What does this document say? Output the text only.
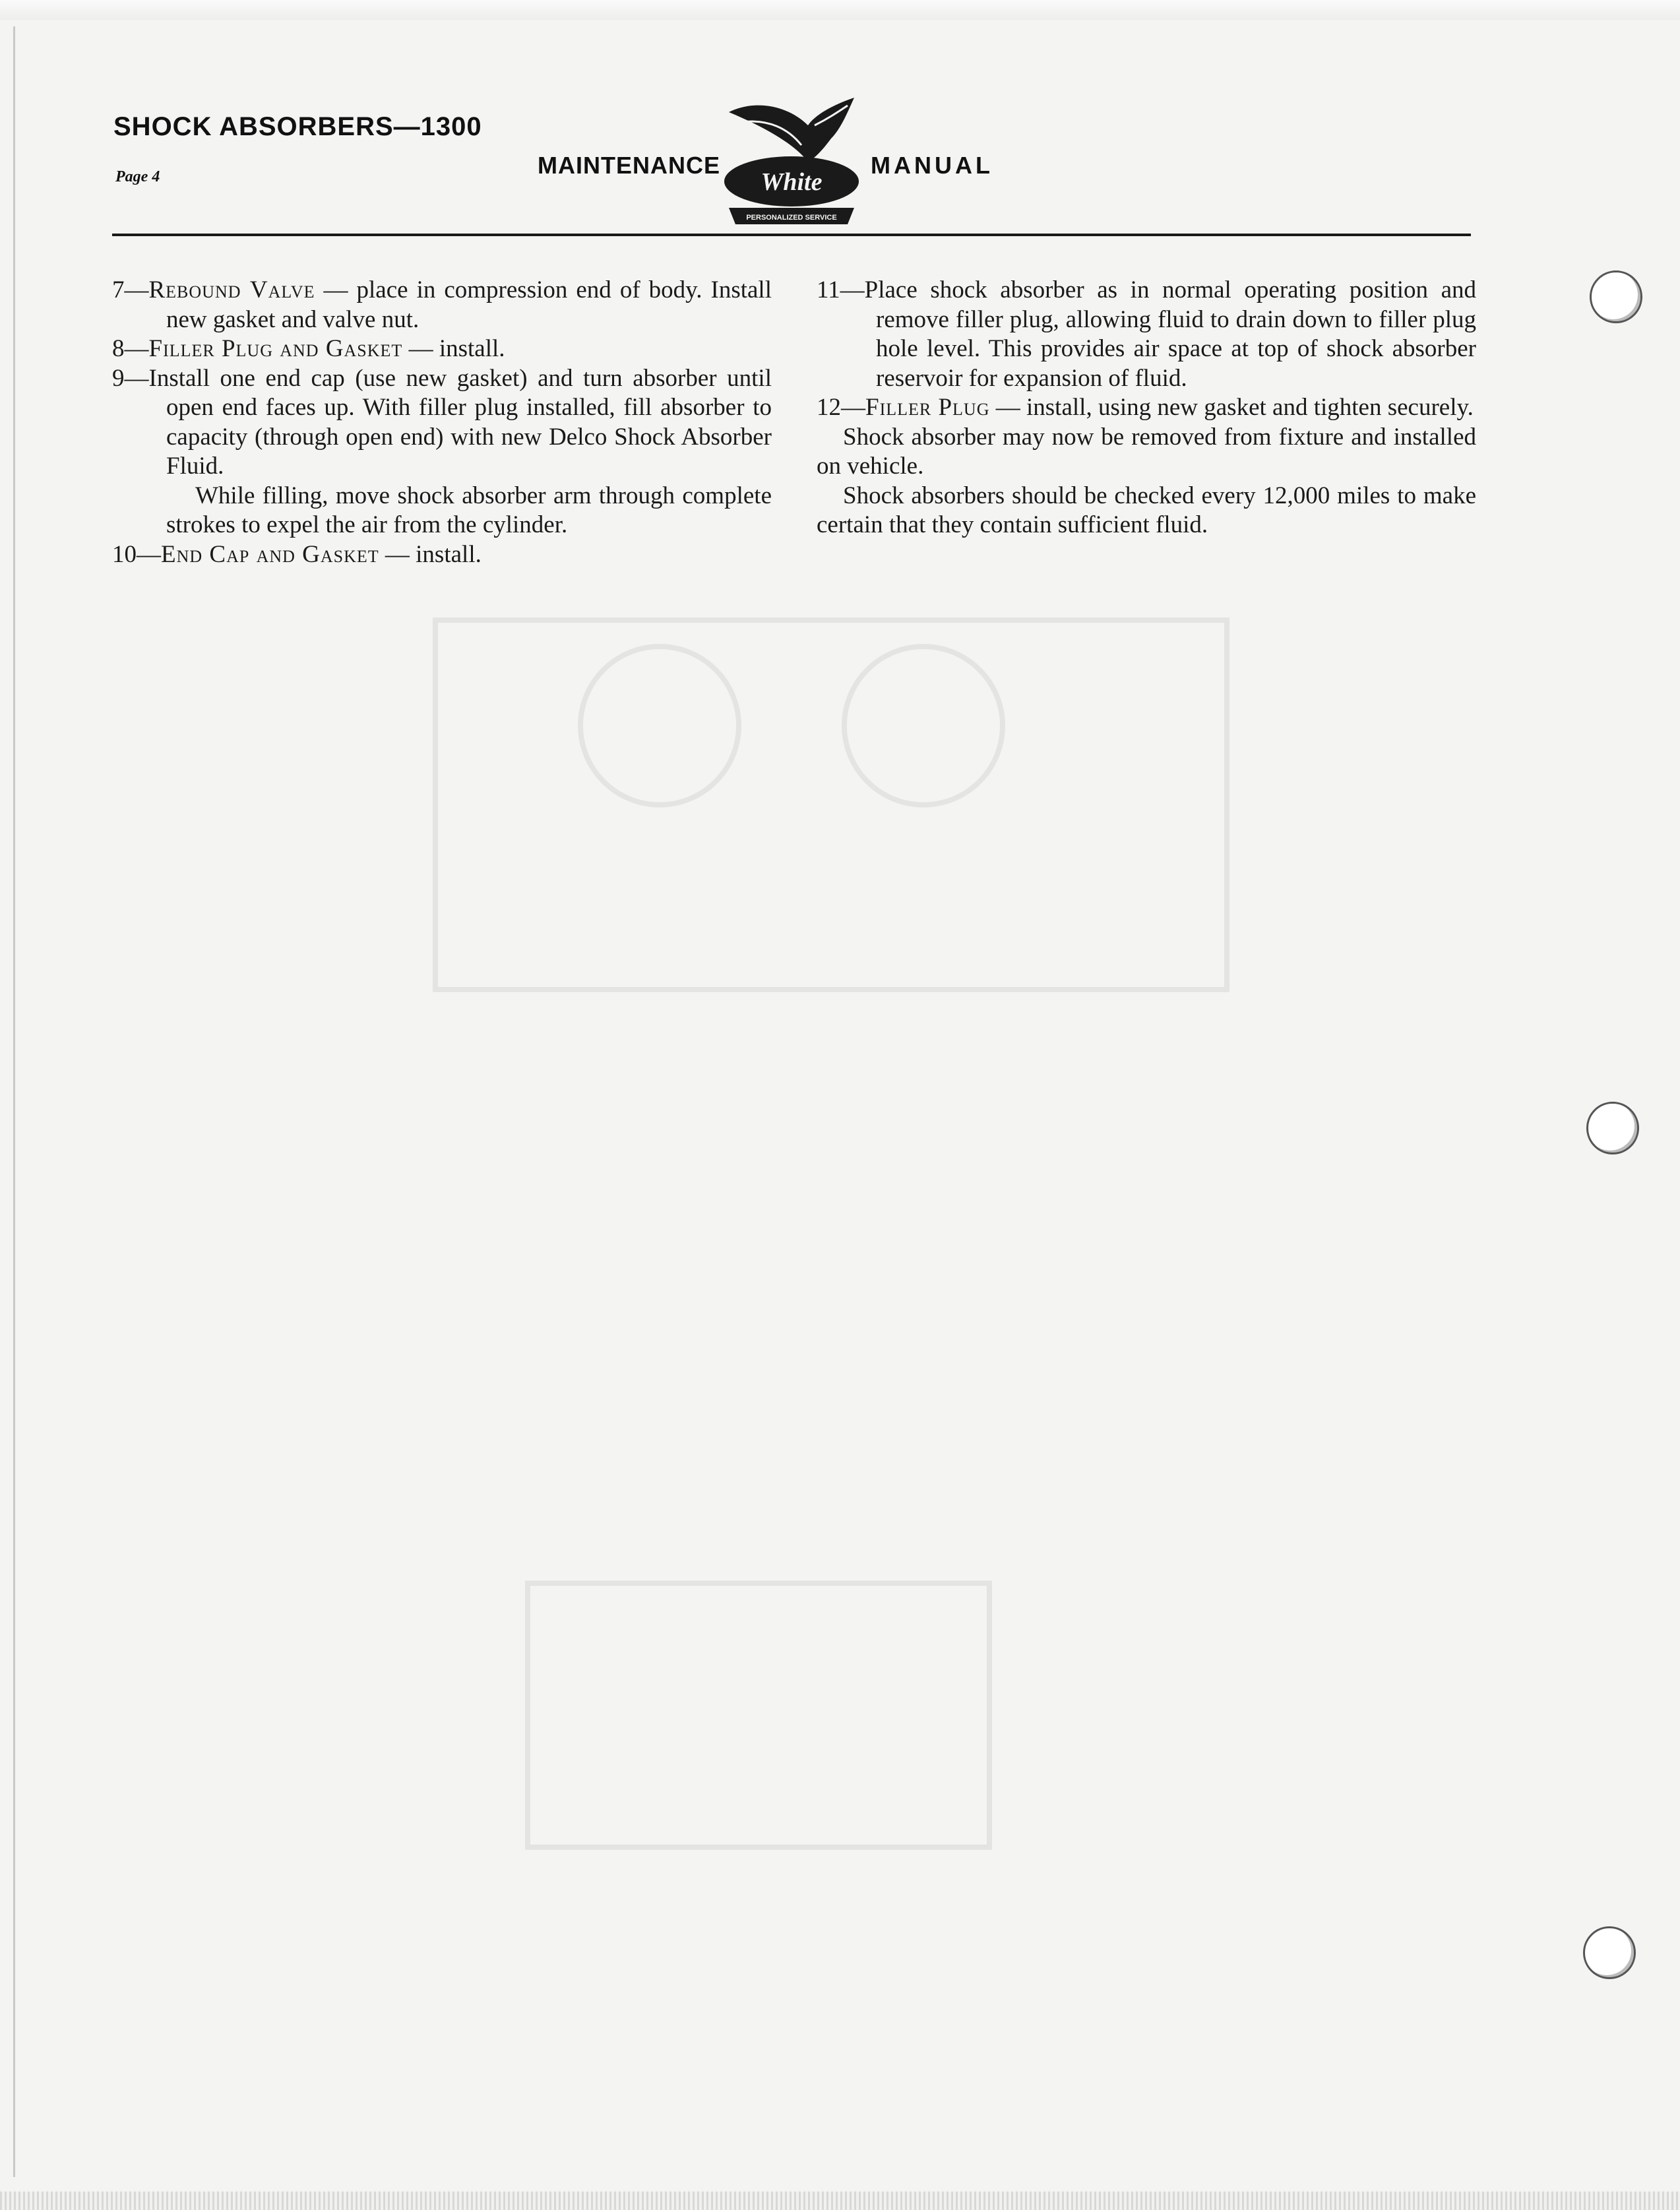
SHOCK ABSORBERS—1300
Page 4	MAINTENANCE	MANUAL
White
PERSONALIZED SERVICE

7—Rebound Valve — place in compression end of body. Install new gasket and valve nut.

8—Filler Plug and Gasket — install.

9—Install one end cap (use new gasket) and turn absorber until open end faces up. With filler plug installed, fill absorber to capacity (through open end) with new Delco Shock Absorber Fluid.

While filling, move shock absorber arm through complete strokes to expel the air from the cylinder.

10—End Cap and Gasket — install.

11—Place shock absorber as in normal operating position and remove filler plug, allowing fluid to drain down to filler plug hole level. This provides air space at top of shock absorber reservoir for expansion of fluid.

12—Filler Plug — install, using new gasket and tighten securely.

Shock absorber may now be removed from fixture and installed on vehicle.

Shock absorbers should be checked every 12,000 miles to make certain that they contain sufficient fluid.
